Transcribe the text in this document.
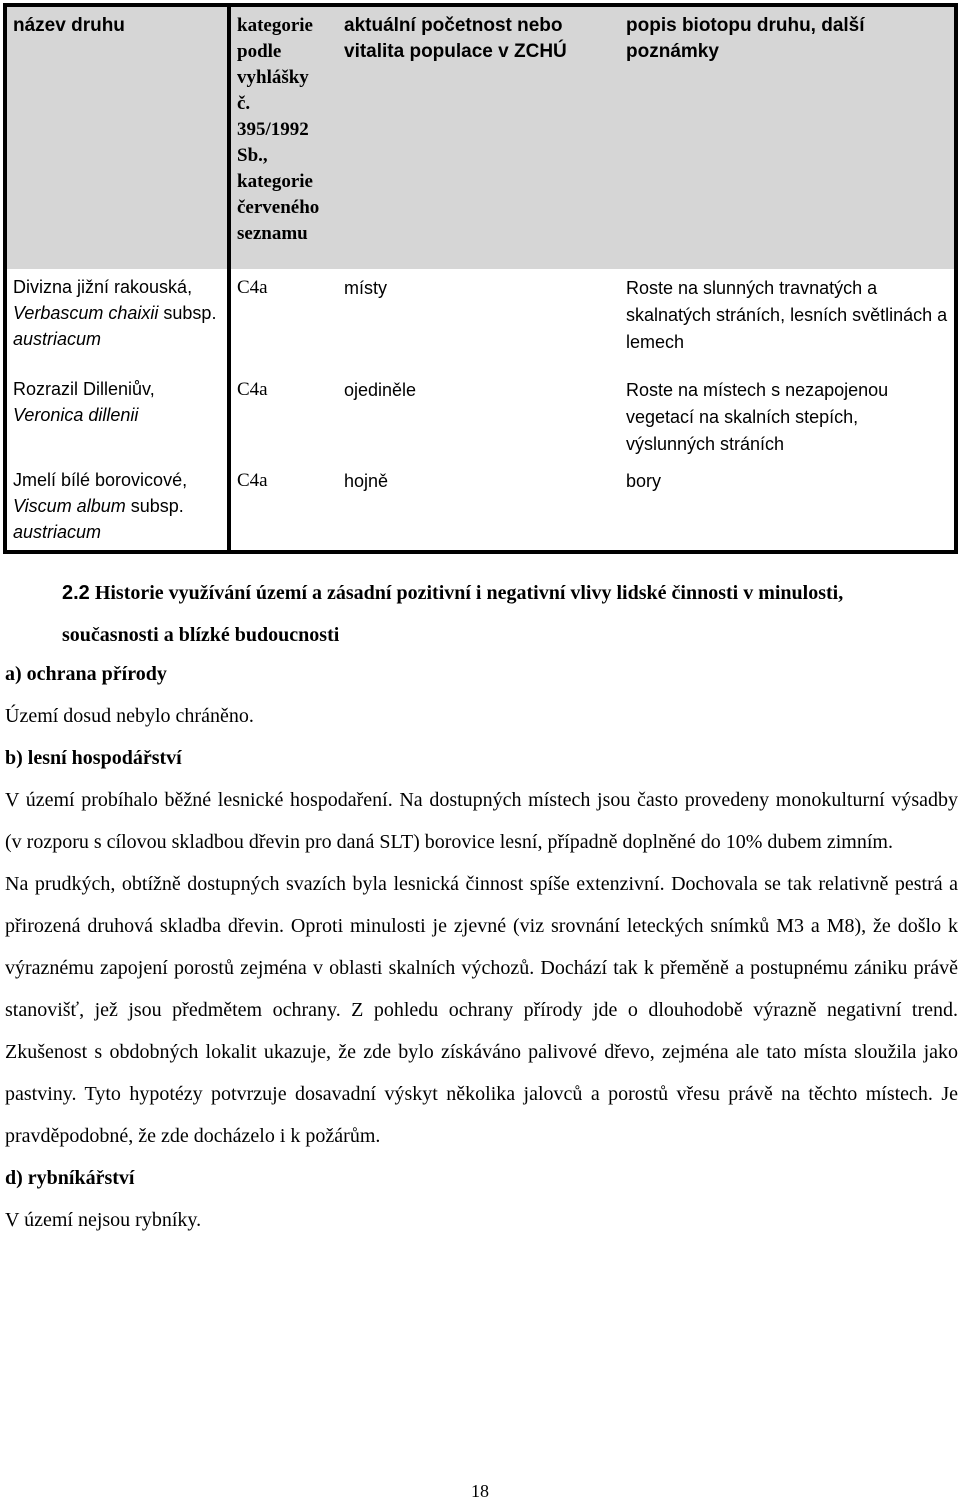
název druhu	kategorie podle vyhlášky č. 395/1992 Sb., kategorie červeného seznamu	aktuální početnost nebo vitalita populace v ZCHÚ	popis biotopu druhu, další poznámky
Divizna jižní rakouská, Verbascum chaixii subsp. austriacum	C4a	místy	Roste na slunných travnatých a skalnatých stráních, lesních světlinách a lemech
Rozrazil Dilleniův, Veronica dillenii	C4a	ojediněle	Roste na místech s nezapojenou vegetací na skalních stepích, výslunných stráních
Jmelí bílé borovicové, Viscum album subsp. austriacum	C4a	hojně	bory
2.2 Historie využívání území a zásadní pozitivní i negativní vlivy lidské činnosti v minulosti, současnosti a blízké budoucnosti
a) ochrana přírody
Území dosud nebylo chráněno.
b) lesní hospodářství
V území probíhalo běžné lesnické hospodaření. Na dostupných místech jsou často provedeny monokulturní výsadby (v rozporu s cílovou skladbou dřevin pro daná SLT) borovice lesní, případně doplněné do 10% dubem zimním.
Na prudkých, obtížně dostupných svazích byla lesnická činnost spíše extenzivní. Dochovala se tak relativně pestrá a přirozená druhová skladba dřevin. Oproti minulosti je zjevné (viz srovnání leteckých snímků M3 a M8), že došlo k výraznému zapojení porostů zejména v oblasti skalních výchozů. Dochází tak k přeměně a postupnému zániku právě stanovišť, jež jsou předmětem ochrany. Z pohledu ochrany přírody jde o dlouhodobě výrazně negativní trend. Zkušenost s obdobných lokalit ukazuje, že zde bylo získáváno palivové dřevo, zejména ale tato místa sloužila jako pastviny. Tyto hypotézy potvrzuje dosavadní výskyt několika jalovců a porostů vřesu právě na těchto místech. Je pravděpodobné, že zde docházelo i k požárům.
d) rybníkářství
V území nejsou rybníky.
18
